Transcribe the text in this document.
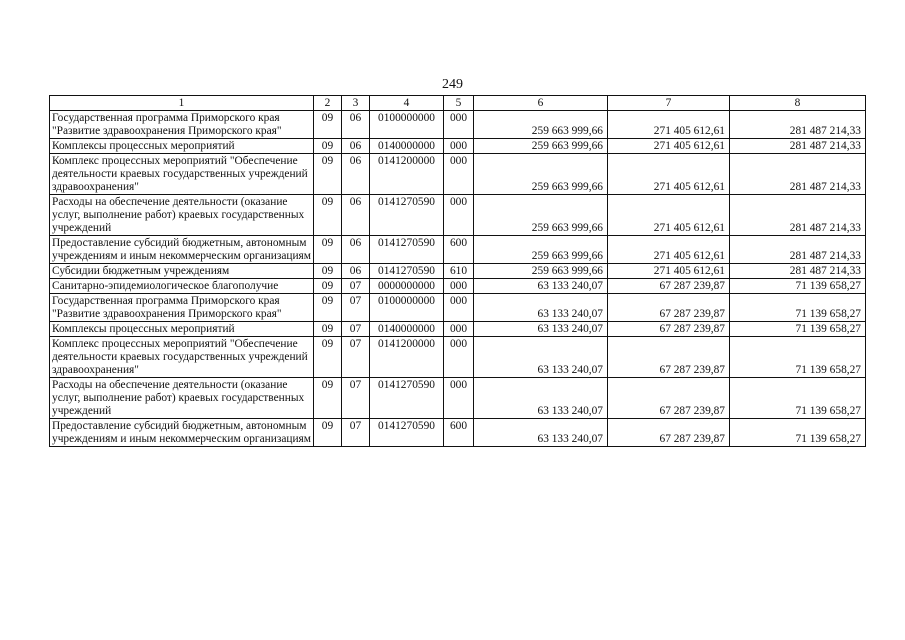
249
1	2	3	4	5	6	7	8
Государственная программа Приморского края "Развитие здравоохранения Приморского края"	09	06	0100000000	000	259 663 999,66	271 405 612,61	281 487 214,33
Комплексы процессных мероприятий	09	06	0140000000	000	259 663 999,66	271 405 612,61	281 487 214,33
Комплекс процессных мероприятий "Обеспечение деятельности краевых государственных учреждений здравоохранения"	09	06	0141200000	000	259 663 999,66	271 405 612,61	281 487 214,33
Расходы на обеспечение деятельности (оказание услуг, выполнение работ) краевых государственных учреждений	09	06	0141270590	000	259 663 999,66	271 405 612,61	281 487 214,33
Предоставление субсидий бюджетным, автономным учреждениям и иным некоммерческим организациям	09	06	0141270590	600	259 663 999,66	271 405 612,61	281 487 214,33
Субсидии бюджетным учреждениям	09	06	0141270590	610	259 663 999,66	271 405 612,61	281 487 214,33
Санитарно-эпидемиологическое благополучие	09	07	0000000000	000	63 133 240,07	67 287 239,87	71 139 658,27
Государственная программа Приморского края "Развитие здравоохранения Приморского края"	09	07	0100000000	000	63 133 240,07	67 287 239,87	71 139 658,27
Комплексы процессных мероприятий	09	07	0140000000	000	63 133 240,07	67 287 239,87	71 139 658,27
Комплекс процессных мероприятий "Обеспечение деятельности краевых государственных учреждений здравоохранения"	09	07	0141200000	000	63 133 240,07	67 287 239,87	71 139 658,27
Расходы на обеспечение деятельности (оказание услуг, выполнение работ) краевых государственных учреждений	09	07	0141270590	000	63 133 240,07	67 287 239,87	71 139 658,27
Предоставление субсидий бюджетным, автономным учреждениям и иным некоммерческим организациям	09	07	0141270590	600	63 133 240,07	67 287 239,87	71 139 658,27
